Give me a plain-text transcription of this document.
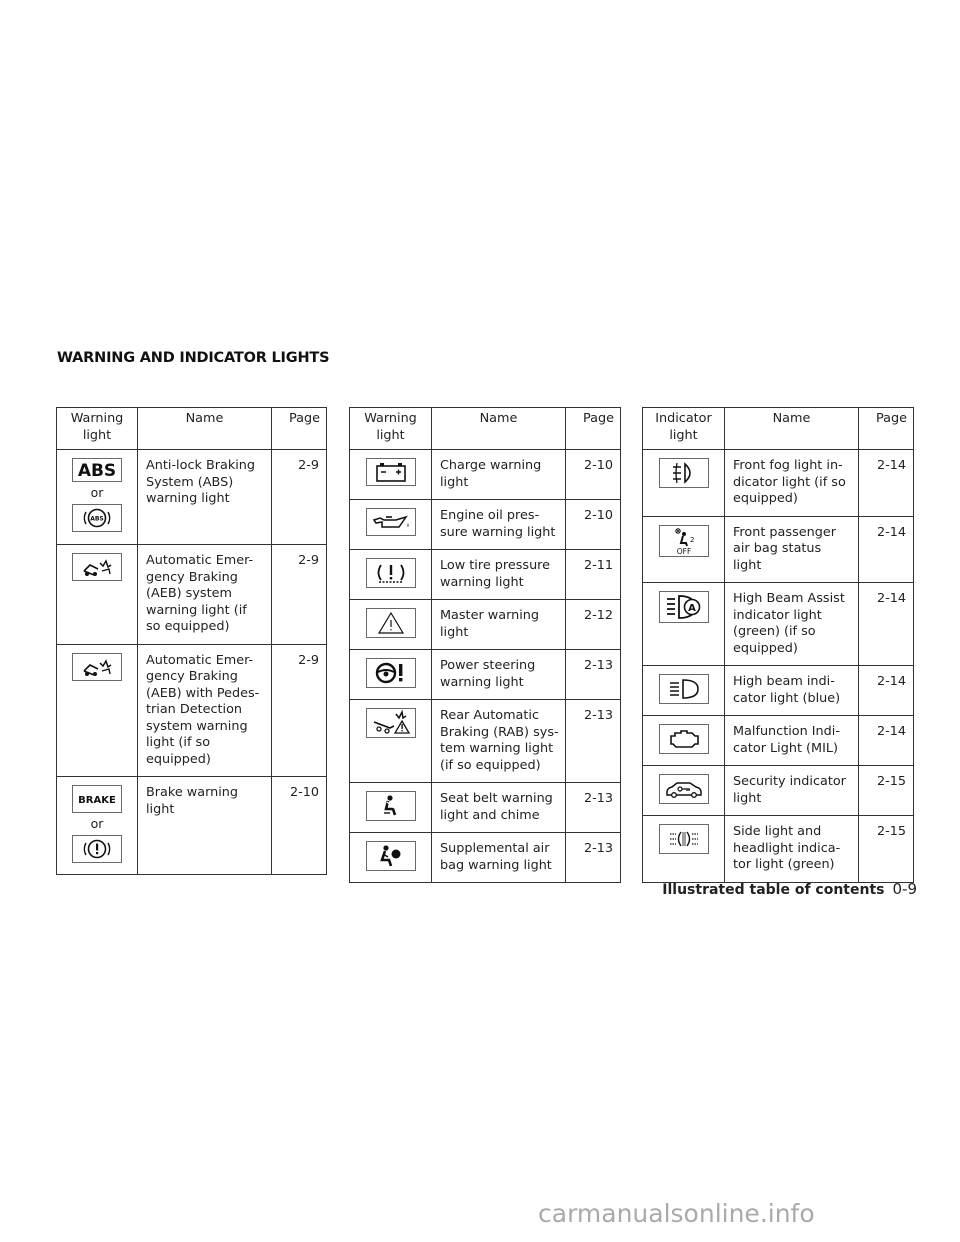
WARNING AND INDICATOR LIGHTS
Warning light	Name	Page

ABS
or
ABS	Anti-lock Braking System (ABS) warning light	2-9

	Automatic Emer- gency Braking (AEB) system warning light (if so equipped)	2-9

	Automatic Emer- gency Braking (AEB) with Pedes- trian Detection system warning light (if so equipped)	2-9

BRAKE
or	Brake warning light	2-10
Warning light	Name	Page

	Charge warning light	2-10

	Engine oil pres- sure warning light	2-10

	Low tire pressure warning light	2-11

	Master warning light	2-12

	Power steering warning light	2-13

	Rear Automatic Braking (RAB) sys- tem warning light (if so equipped)	2-13

	Seat belt warning light and chime	2-13

	Supplemental air bag warning light	2-13
Indicator light	Name	Page

	Front fog light in- dicator light (if so equipped)	2-14

2
OFF	Front passenger air bag status light	2-14

A	High Beam Assist indicator light (green) (if so equipped)	2-14

	High beam indi- cator light (blue)	2-14

	Malfunction Indi- cator Light (MIL)	2-14

	Security indicator light	2-15

	Side light and headlight indica- tor light (green)	2-15
Illustrated table of contents 0-9
carmanualsonline.info
